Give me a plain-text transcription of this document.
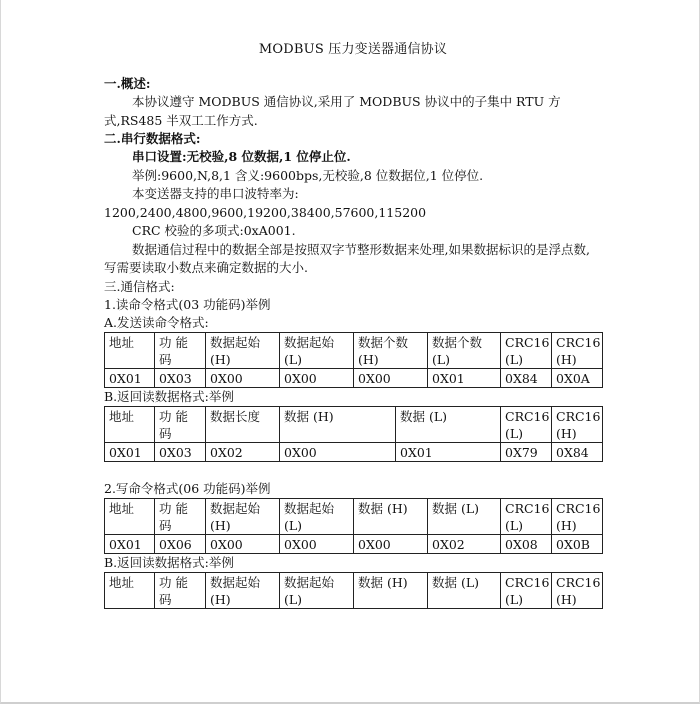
MODBUS 压力变送器通信协议
一.概述:
本协议遵守 MODBUS 通信协议,采用了 MODBUS 协议中的子集中 RTU 方式,RS485 半双工工作方式.
二.串行数据格式:
串口设置:无校验,8 位数据,1 位停止位.
举例:9600,N,8,1 含义:9600bps,无校验,8 位数据位,1 位停位.
本变送器支持的串口波特率为:
1200,2400,4800,9600,19200,38400,57600,115200
CRC 校验的多项式:0xA001.
数据通信过程中的数据全部是按照双字节整形数据来处理,如果数据标识的是浮点数,写需要读取小数点来确定数据的大小.
三.通信格式:
1.读命令格式(03 功能码)举例
A.发送读命令格式:
地址	功 能 码	数据起始 (H)	数据起始 (L)	数据个数 (H)	数据个数 (L)	CRC16 (L)	CRC16 (H)
0X01	0X03	0X00	0X00	0X00	0X01	0X84	0X0A
B.返回读数据格式:举例
地址	功 能 码	数据长度	数据 (H)	数据 (L)	CRC16 (L)	CRC16 (H)
0X01	0X03	0X02	0X00	0X01	0X79	0X84
2.写命令格式(06 功能码)举例
地址	功 能 码	数据起始 (H)	数据起始 (L)	数据 (H)	数据 (L)	CRC16 (L)	CRC16 (H)
0X01	0X06	0X00	0X00	0X00	0X02	0X08	0X0B
B.返回读数据格式:举例
地址	功 能 码	数据起始 (H)	数据起始 (L)	数据 (H)	数据 (L)	CRC16 (L)	CRC16 (H)
